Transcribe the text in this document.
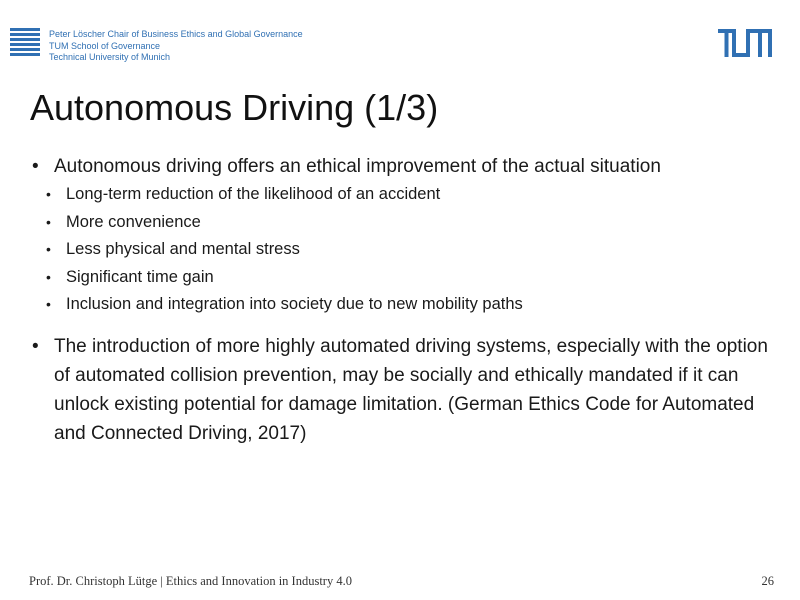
Peter Löscher Chair of Business Ethics and Global Governance
TUM School of Governance
Technical University of Munich
Autonomous Driving (1/3)
• Autonomous driving offers an ethical improvement of the actual situation
• Long-term reduction of the likelihood of an accident
• More convenience
• Less physical and mental stress
• Significant time gain
• Inclusion and integration into society due to new mobility paths
• The introduction of more highly automated driving systems, especially with the option of automated collision prevention, may be socially and ethically mandated if it can unlock existing potential for damage limitation. (German Ethics Code for Automated and Connected Driving, 2017)
Prof. Dr. Christoph Lütge | Ethics and Innovation in Industry 4.0	26
